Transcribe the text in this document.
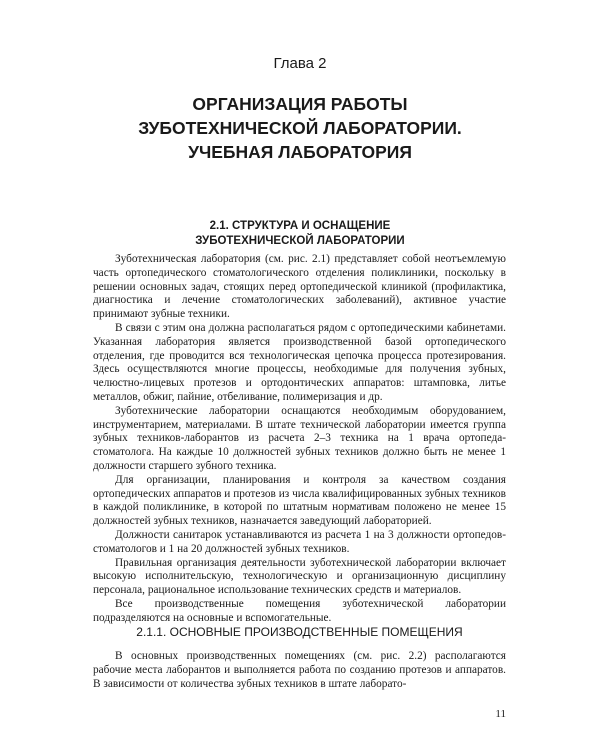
Глава 2
ОРГАНИЗАЦИЯ РАБОТЫ
ЗУБОТЕХНИЧЕСКОЙ ЛАБОРАТОРИИ.
УЧЕБНАЯ ЛАБОРАТОРИЯ
2.1. СТРУКТУРА И ОСНАЩЕНИЕ
ЗУБОТЕХНИЧЕСКОЙ ЛАБОРАТОРИИ

Зуботехническая лаборатория (см. рис. 2.1) представляет собой неотъемлемую часть ортопедического стоматологического отделения поликлиники, поскольку в решении основных задач, стоящих перед ортопедической клиникой (профилактика, диагностика и лечение стоматологических заболеваний), активное участие принимают зубные техники.

В связи с этим она должна располагаться рядом с ортопедическими кабинетами. Указанная лаборатория является производственной базой ортопедического отделения, где проводится вся технологическая цепочка процесса протезирования. Здесь осуществляются многие процессы, необходимые для получения зубных, челюстно-лицевых протезов и ортодонтических аппаратов: штамповка, литье металлов, обжиг, пайние, отбеливание, полимеризация и др.

Зуботехнические лаборатории оснащаются необходимым оборудованием, инструментарием, материалами. В штате технической лаборатории имеется группа зубных техников-лаборантов из расчета 2–3 техника на 1 врача ортопеда-стоматолога. На каждые 10 должностей зубных техников должно быть не менее 1 должности старшего зубного техника.

Для организации, планирования и контроля за качеством создания ортопедических аппаратов и протезов из числа квалифицированных зубных техников в каждой поликлинике, в которой по штатным нормативам положено не менее 15 должностей зубных техников, назначается заведующий лабораторией.

Должности санитарок устанавливаются из расчета 1 на 3 должности ортопедов-стоматологов и 1 на 20 должностей зубных техников.

Правильная организация деятельности зуботехнической лаборатории включает высокую исполнительскую, технологическую и организационную дисциплину персонала, рациональное использование технических средств и материалов.

Все производственные помещения зуботехнической лаборатории подразделяются на основные и вспомогательные.

2.1.1. ОСНОВНЫЕ ПРОИЗВОДСТВЕННЫЕ ПОМЕЩЕНИЯ

В основных производственных помещениях (см. рис. 2.2) располагаются рабочие места лаборантов и выполняется работа по созданию протезов и аппаратов. В зависимости от количества зубных техников в штате лаборато-

11
